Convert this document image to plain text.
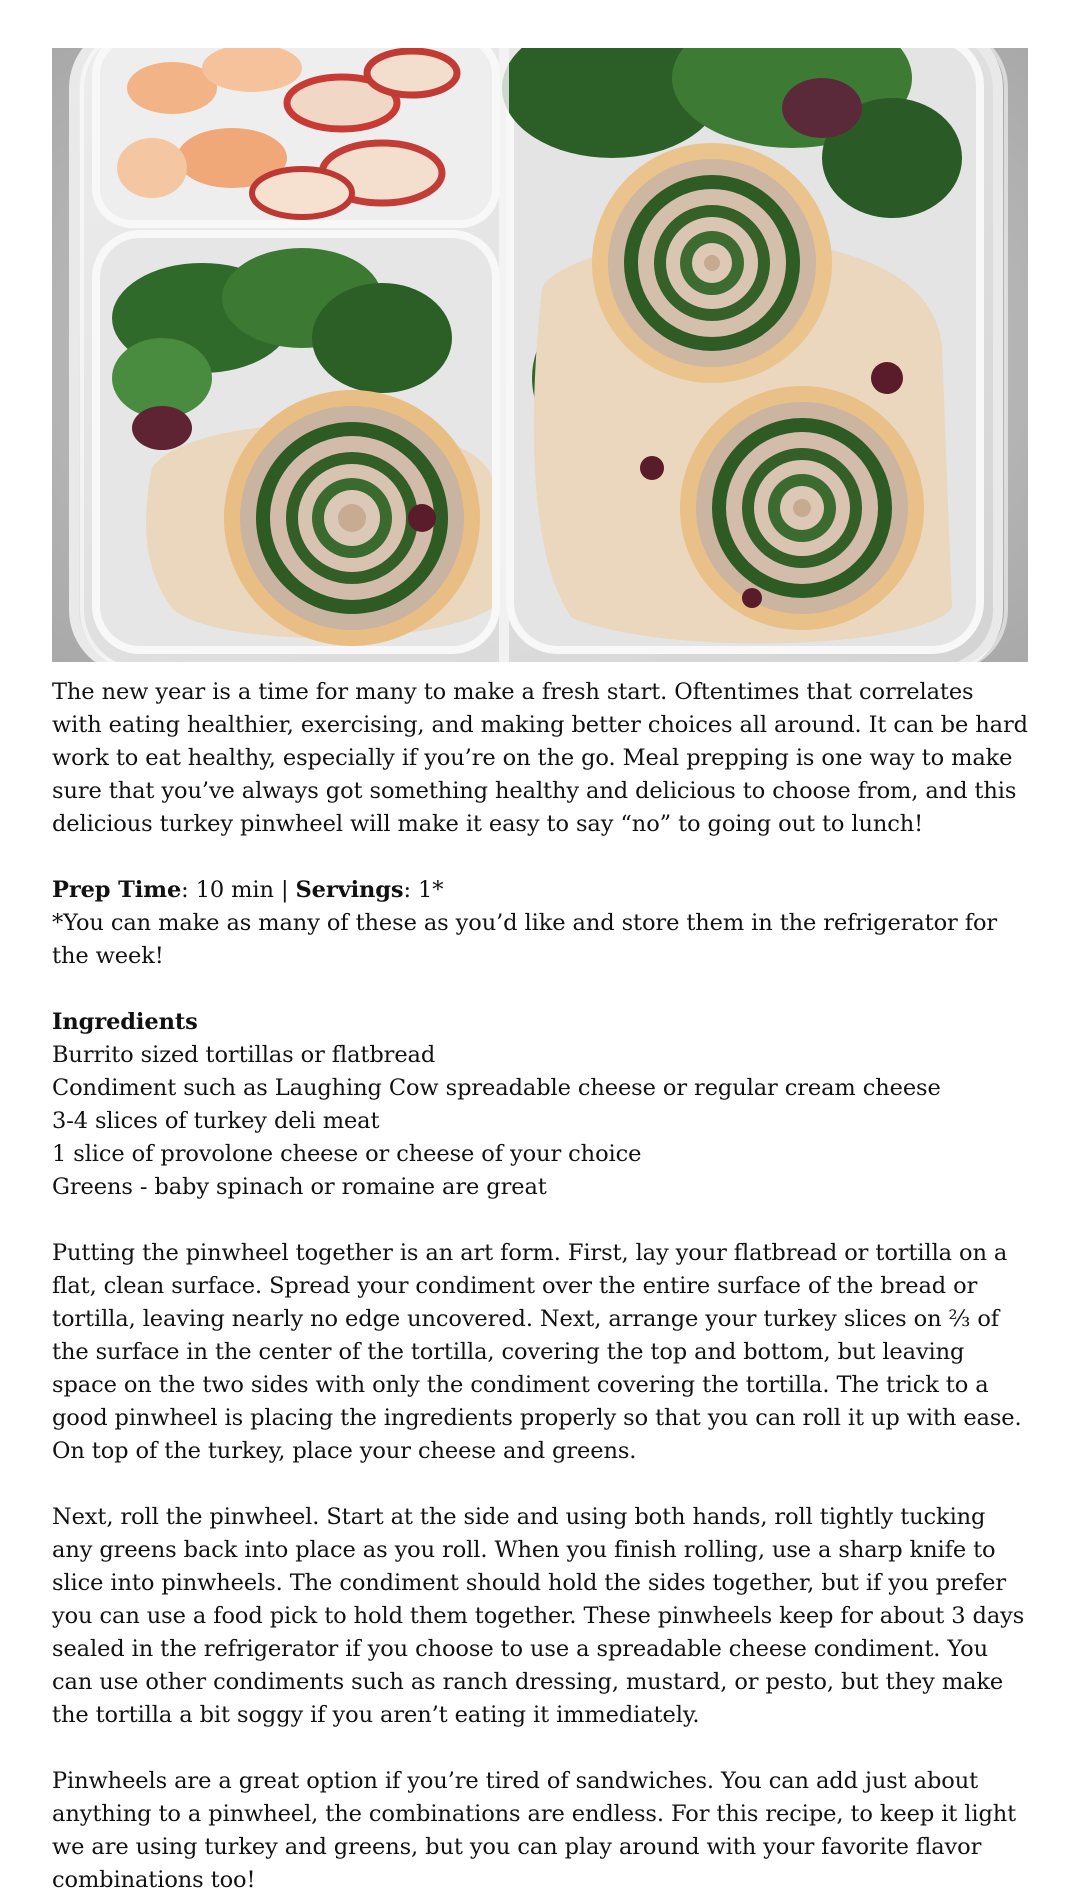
The new year is a time for many to make a fresh start. Oftentimes that correlates with eating healthier, exercising, and making better choices all around. It can be hard work to eat healthy, especially if you’re on the go. Meal prepping is one way to make sure that you’ve always got something healthy and delicious to choose from, and this delicious turkey pinwheel will make it easy to say “no” to going out to lunch!

Prep Time: 10 min | Servings: 1*
*You can make as many of these as you’d like and store them in the refrigerator for the week!

Ingredients
Burrito sized tortillas or flatbread
Condiment such as Laughing Cow spreadable cheese or regular cream cheese
3-4 slices of turkey deli meat
1 slice of provolone cheese or cheese of your choice
Greens - baby spinach or romaine are great

Putting the pinwheel together is an art form. First, lay your flatbread or tortilla on a flat, clean surface. Spread your condiment over the entire surface of the bread or tortilla, leaving nearly no edge uncovered. Next, arrange your turkey slices on ⅔ of the surface in the center of the tortilla, covering the top and bottom, but leaving space on the two sides with only the condiment covering the tortilla. The trick to a good pinwheel is placing the ingredients properly so that you can roll it up with ease. On top of the turkey, place your cheese and greens.

Next, roll the pinwheel. Start at the side and using both hands, roll tightly tucking any greens back into place as you roll. When you finish rolling, use a sharp knife to slice into pinwheels. The condiment should hold the sides together, but if you prefer you can use a food pick to hold them together. These pinwheels keep for about 3 days sealed in the refrigerator if you choose to use a spreadable cheese condiment. You can use other condiments such as ranch dressing, mustard, or pesto, but they make the tortilla a bit soggy if you aren’t eating it immediately.

Pinwheels are a great option if you’re tired of sandwiches. You can add just about anything to a pinwheel, the combinations are endless. For this recipe, to keep it light we are using turkey and greens, but you can play around with your favorite flavor combinations too!
